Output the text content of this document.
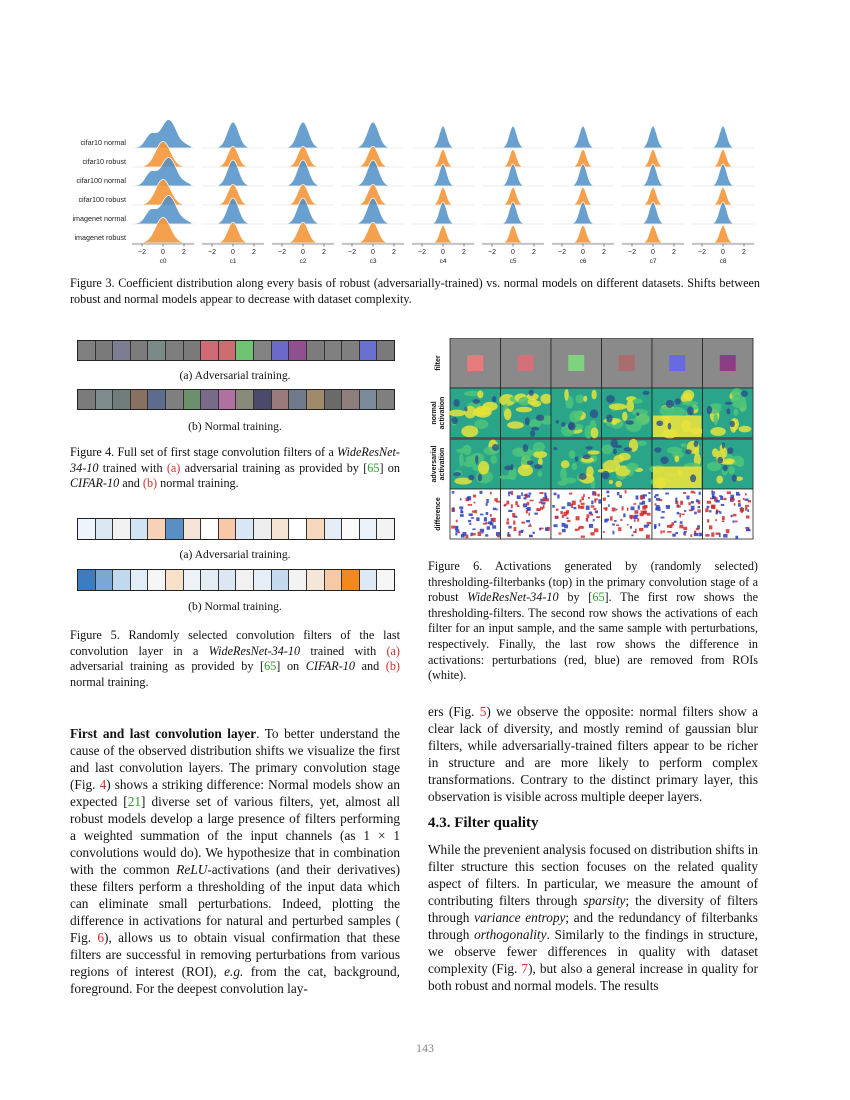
cifar10 normal
cifar10 robust
cifar100 normal
cifar100 robust
imagenet normal
imagenet robust
−2 0 2
c0
−2 0 2
c1
−2 0 2
c2
−2 0 2
c3
−2 0 2
c4
−2 0 2
c5
−2 0 2
c6
−2 0 2
c7
−2 0 2
c8
Figure 3. Coefficient distribution along every basis of robust (adversarially-trained) vs. normal models on different datasets. Shifts between robust and normal models appear to decrease with dataset complexity.
(a) Adversarial training.
(b) Normal training.
Figure 4. Full set of first stage convolution filters of a WideResNet-34-10 trained with (a) adversarial training as provided by [65] on CIFAR-10 and (b) normal training.
(a) Adversarial training.
(b) Normal training.
Figure 5. Randomly selected convolution filters of the last convolution layer in a WideResNet-34-10 trained with (a) adversarial training as provided by [65] on CIFAR-10 and (b) normal training.
filter
normal activation
adversarial activation
difference
Figure 6. Activations generated by (randomly selected) thresholding-filterbanks (top) in the primary convolution stage of a robust WideResNet-34-10 by [65]. The first row shows the thresholding-filters. The second row shows the activations of each filter for an input sample, and the same sample with perturbations, respectively. Finally, the last row shows the difference in activations: perturbations (red, blue) are removed from ROIs (white).
First and last convolution layer. To better understand the cause of the observed distribution shifts we visualize the first and last convolution layers. The primary convolution stage (Fig. 4) shows a striking difference: Normal models show an expected [21] diverse set of various filters, yet, almost all robust models develop a large presence of filters performing a weighted summation of the input channels (as 1 × 1 convolutions would do). We hypothesize that in combination with the common ReLU-activations (and their derivatives) these filters perform a thresholding of the input data which can eliminate small perturbations. Indeed, plotting the difference in activations for natural and perturbed samples ( Fig. 6), allows us to obtain visual confirmation that these filters are successful in removing perturbations from various regions of interest (ROI), e.g. from the cat, background, foreground. For the deepest convolution lay-
ers (Fig. 5) we observe the opposite: normal filters show a clear lack of diversity, and mostly remind of gaussian blur filters, while adversarially-trained filters appear to be richer in structure and are more likely to perform complex transformations. Contrary to the distinct primary layer, this observation is visible across multiple deeper layers.
4.3. Filter quality
While the prevenient analysis focused on distribution shifts in filter structure this section focuses on the related quality aspect of filters. In particular, we measure the amount of contributing filters through sparsity; the diversity of filters through variance entropy; and the redundancy of filterbanks through orthogonality. Similarly to the findings in structure, we observe fewer differences in quality with dataset complexity (Fig. 7), but also a general increase in quality for both robust and normal models. The results
143
